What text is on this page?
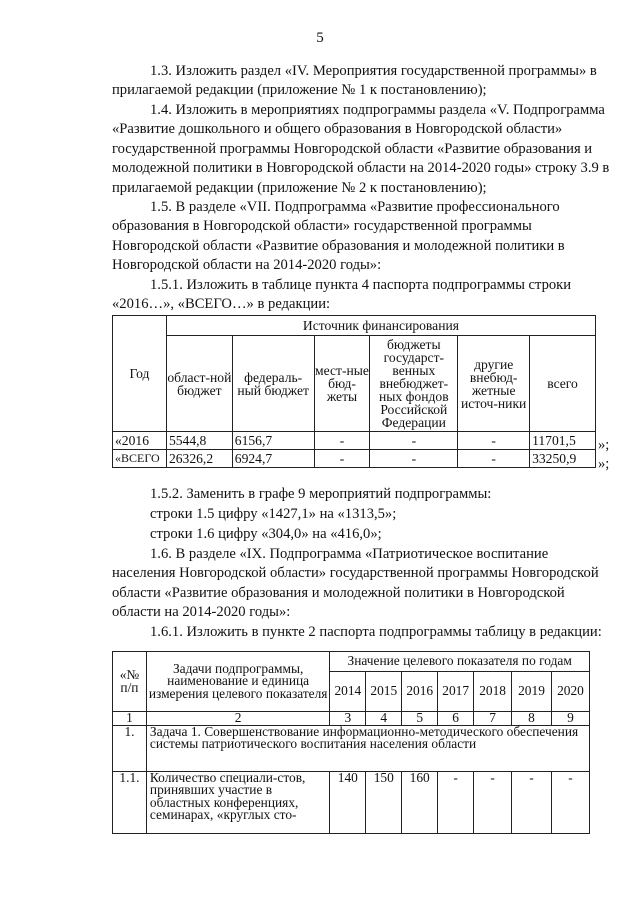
5

1.3. Изложить раздел «IV. Мероприятия государственной программы» в прилагаемой редакции (приложение № 1 к постановлению);

1.4. Изложить в мероприятиях подпрограммы раздела «V. Подпрограмма «Развитие дошкольного и общего образования в Новгородской области» государственной программы Новгородской области «Развитие образования и молодежной политики в Новгородской области на 2014-2020 годы» строку 3.9 в прилагаемой редакции (приложение № 2 к постановлению);

1.5. В разделе «VII. Подпрограмма «Развитие профессионального образования в Новгородской области» государственной программы Новгородской области «Развитие образования и молодежной политики в Новгородской области на 2014-2020 годы»:

1.5.1. Изложить в таблице пункта 4 паспорта подпрограммы строки «2016…», «ВСЕГО…» в редакции:

Год	Источник финансирования					
	област-ной бюджет	федераль-ный бюджет	мест-ные бюд-жеты	бюджеты государст-венных внебюджет-ных фондов Российской Федерации	другие внебюд-жетные источ-ники	всего
«2016	5544,8	6156,7	-	-	-	11701,5
«ВСЕГО	26326,2	6924,7	-	-	-	33250,9
»;
»;

1.5.2. Заменить в графе 9 мероприятий подпрограммы:

строки 1.5 цифру «1427,1» на «1313,5»;

строки 1.6 цифру «304,0» на «416,0»;

1.6. В разделе «IX. Подпрограмма «Патриотическое воспитание населения Новгородской области» государственной программы Новгородской области «Развитие образования и молодежной политики в Новгородской области на 2014-2020 годы»:

1.6.1. Изложить в пункте 2 паспорта подпрограммы таблицу в редакции:

«№ п/п	Задачи подпрограммы, наименование и единица измерения целевого показателя	Значение целевого показателя по годам						
		2014	2015	2016	2017	2018	2019	2020
1	2	3	4	5	6	7	8	9
1.	Задача 1. Совершенствование информационно-методического обеспечения системы патриотического воспитания населения области							
1.1.	Количество специали-стов, принявших участие в областных конференциях, семинарах, «круглых сто-	140	150	160	-	-	-	-
